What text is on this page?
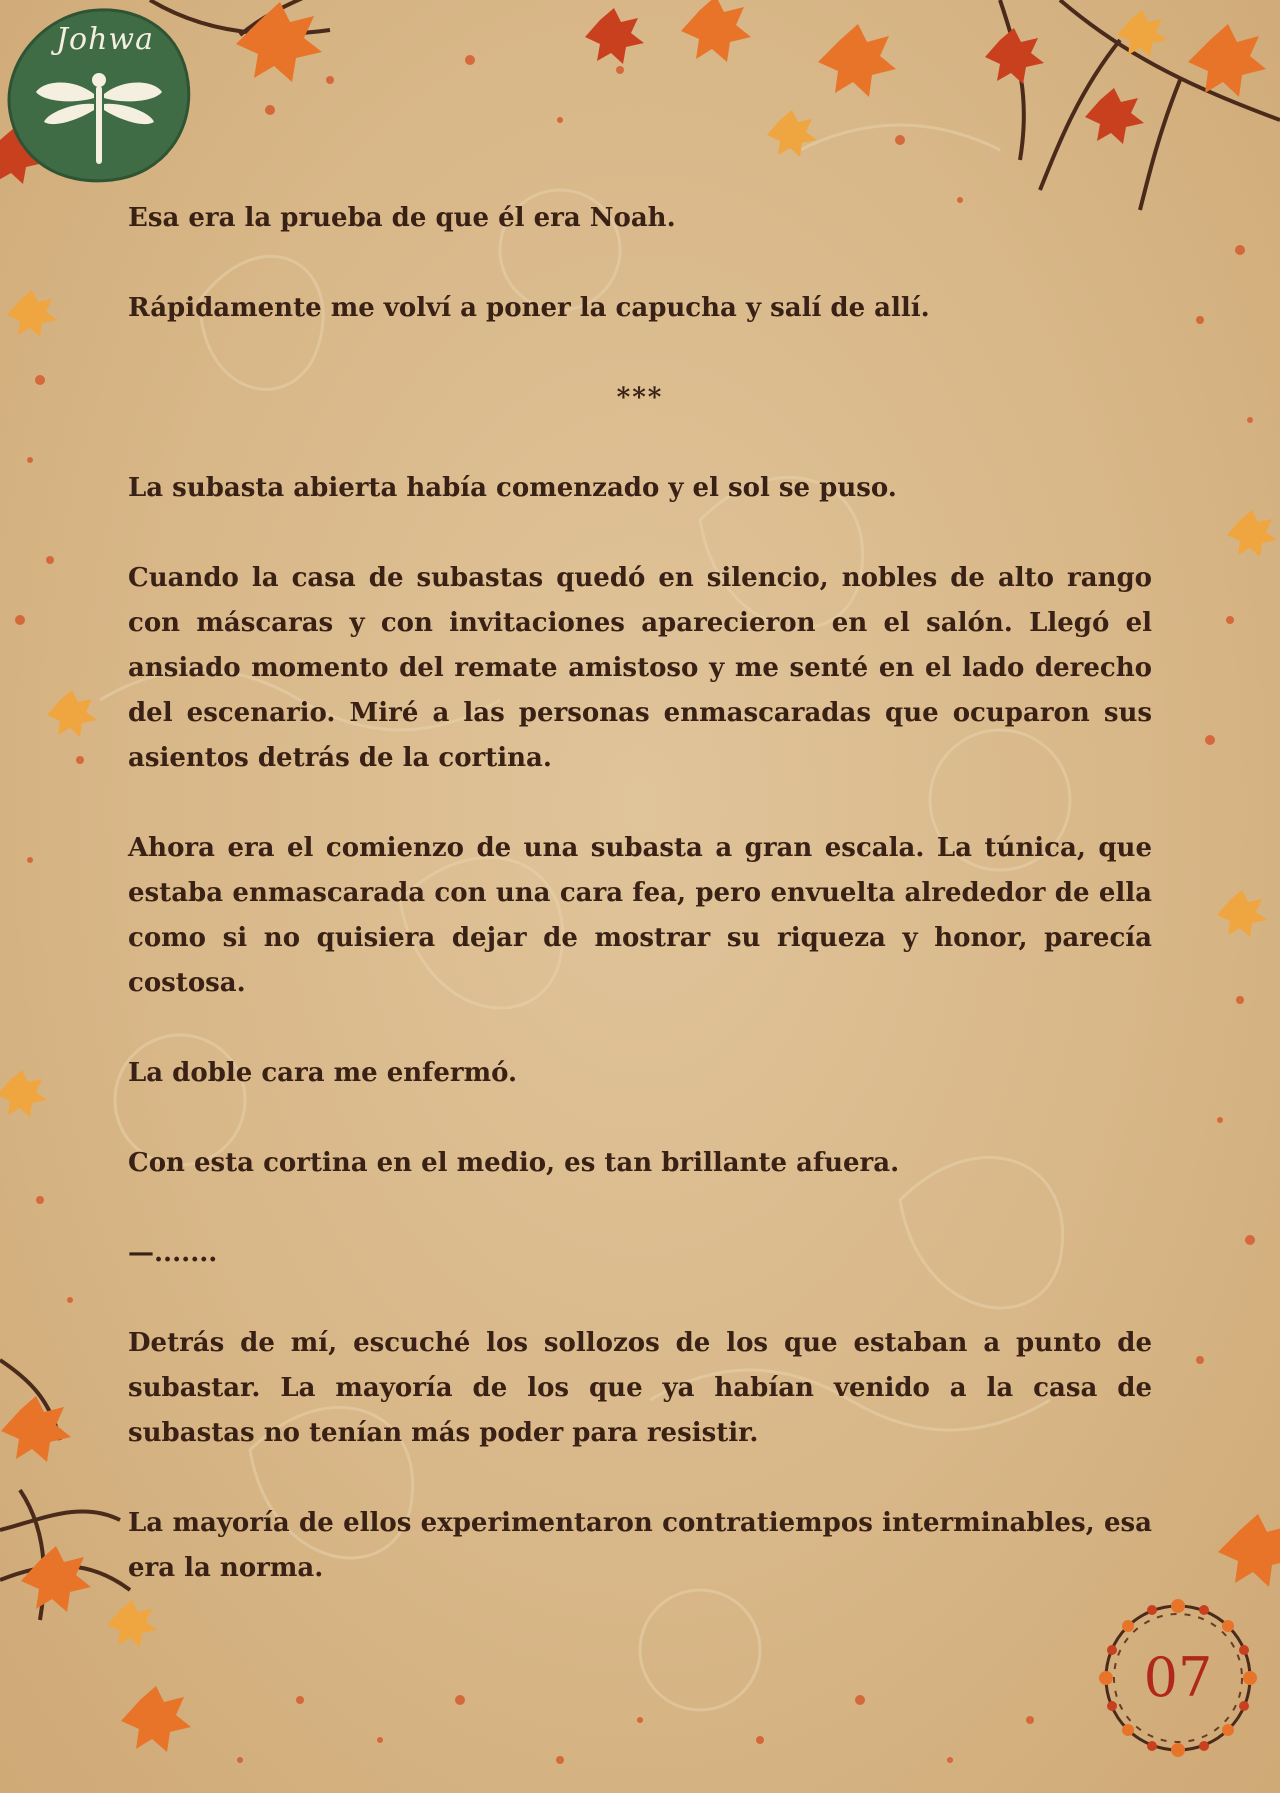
Johwa

Esa era la prueba de que él era Noah.

Rápidamente me volví a poner la capucha y salí de allí.

***

La subasta abierta había comenzado y el sol se puso.

Cuando la casa de subastas quedó en silencio, nobles de alto rango con máscaras y con invitaciones aparecieron en el salón. Llegó el ansiado momento del remate amistoso y me senté en el lado derecho del escenario. Miré a las personas enmascaradas que ocuparon sus asientos detrás de la cortina.

Ahora era el comienzo de una subasta a gran escala. La túnica, que estaba enmascarada con una cara fea, pero envuelta alrededor de ella como si no quisiera dejar de mostrar su riqueza y honor, parecía costosa.

La doble cara me enfermó.

Con esta cortina en el medio, es tan brillante afuera.

—.......

Detrás de mí, escuché los sollozos de los que estaban a punto de subastar. La mayoría de los que ya habían venido a la casa de subastas no tenían más poder para resistir.

La mayoría de ellos experimentaron contratiempos interminables, esa era la norma.

07
